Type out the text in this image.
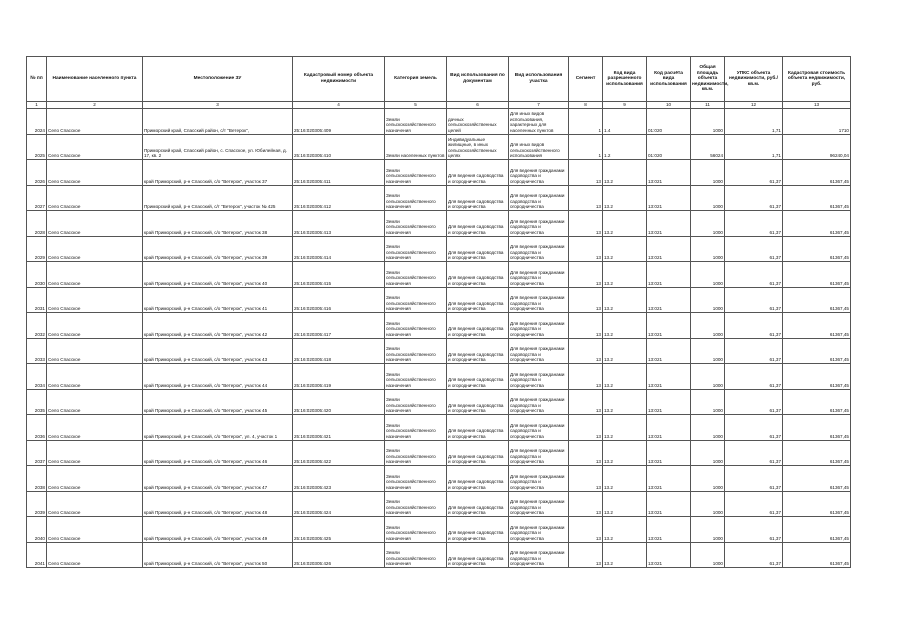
№ пп	Наименование населенного пункта	Местоположение ЗУ	Кадастровый номер объекта недвижимости	Категория земель	Вид использования по документам	Вид использования участка	Сегмент	Код вида разрешенного использования	Код расчёта вида использования	Общая площадь объекта недвижимости, кв.м.	УПКС объекта недвижимости, руб./кв.м.	Кадастровая стоимость объекта недвижимости, руб.
1	2	3	4	5	6	7	8	9	10	11	12	13
2024	Село Спасское	Приморский край, Спасский район, с/т "Ветерок",	25:16:020305:409	Земли сельскохозяйственного назначения	дачных сельскохозяйственных целей	Для иных видов использования, характерных для населенных пунктов	1	1.4	01:020	1000	1,71	1710
2025	Село Спасское	Приморский край, Спасский район, с. Спасское, ул. Юбилейная, д. 17, кв. 2	25:16:020305:410	Земли населенных пунктов	Индивидуальные жилищные, в иных сельскохозяйственных целях	Для иных видов сельскохозяйственного использования	1	1.2	01:020	56024	1,71	96240,04
2026	Село Спасское	край Приморский, р-н Спасский, с/о "Ветерок", участок 37	25:16:020305:411	Земли сельскохозяйственного назначения	Для ведения садоводства и огородничества	Для ведения гражданами садоводства и огородничества	13	13.2	13:021	1000	61,37	61367,45
2027	Село Спасское	Приморский край, р-н Спасский, с/т "Ветерок", участок № 425	25:16:020305:412	Земли сельскохозяйственного назначения	Для ведения садоводства и огородничества	Для ведения гражданами садоводства и огородничества	13	13.2	13:021	1000	61,37	61367,45
2028	Село Спасское	край Приморский, р-н Спасский, с/о "Ветерок", участок 38	25:16:020305:413	Земли сельскохозяйственного назначения	Для ведения садоводства и огородничества	Для ведения гражданами садоводства и огородничества	13	13.2	13:021	1000	61,37	61367,45
2029	Село Спасское	край Приморский, р-н Спасский, с/о "Ветерок", участок 39	25:16:020305:414	Земли сельскохозяйственного назначения	Для ведения садоводства и огородничества	Для ведения гражданами садоводства и огородничества	13	13.2	13:021	1000	61,37	61367,45
2030	Село Спасское	край Приморский, р-н Спасский, с/о "Ветерок", участок 40	25:16:020305:415	Земли сельскохозяйственного назначения	Для ведения садоводства и огородничества	Для ведения гражданами садоводства и огородничества	13	13.2	13:021	1000	61,37	61367,45
2031	Село Спасское	край Приморский, р-н Спасский, с/о "Ветерок", участок 41	25:16:020305:416	Земли сельскохозяйственного назначения	Для ведения садоводства и огородничества	Для ведения гражданами садоводства и огородничества	13	13.2	13:021	1000	61,37	61367,45
2032	Село Спасское	край Приморский, р-н Спасский, с/о "Ветерок", участок 42	25:16:020305:417	Земли сельскохозяйственного назначения	Для ведения садоводства и огородничества	Для ведения гражданами садоводства и огородничества	13	13.2	13:021	1000	61,37	61367,45
2033	Село Спасское	край Приморский, р-н Спасский, с/о "Ветерок", участок 43	25:16:020305:418	Земли сельскохозяйственного назначения	Для ведения садоводства и огородничества	Для ведения гражданами садоводства и огородничества	13	13.2	13:021	1000	61,37	61367,45
2034	Село Спасское	край Приморский, р-н Спасский, с/о "Ветерок", участок 44	25:16:020305:419	Земли сельскохозяйственного назначения	Для ведения садоводства и огородничества	Для ведения гражданами садоводства и огородничества	13	13.2	13:021	1000	61,37	61367,45
2035	Село Спасское	край Приморский, р-н Спасский, с/о "Ветерок", участок 45	25:16:020305:420	Земли сельскохозяйственного назначения	Для ведения садоводства и огородничества	Для ведения гражданами садоводства и огородничества	13	13.2	13:021	1000	61,37	61367,45
2036	Село Спасское	край Приморский, р-н Спасский, с/о "Ветерок", ул. 4, участок 1	25:16:020305:421	Земли сельскохозяйственного назначения	Для ведения садоводства и огородничества	Для ведения гражданами садоводства и огородничества	13	13.2	13:021	1000	61,37	61367,45
2037	Село Спасское	край Приморский, р-н Спасский, с/о "Ветерок", участок 46	25:16:020305:422	Земли сельскохозяйственного назначения	Для ведения садоводства и огородничества	Для ведения гражданами садоводства и огородничества	13	13.2	13:021	1000	61,37	61367,45
2038	Село Спасское	край Приморский, р-н Спасский, с/о "Ветерок", участок 47	25:16:020305:423	Земли сельскохозяйственного назначения	Для ведения садоводства и огородничества	Для ведения гражданами садоводства и огородничества	13	13.2	13:021	1000	61,37	61367,45
2039	Село Спасское	край Приморский, р-н Спасский, с/о "Ветерок", участок 48	25:16:020305:424	Земли сельскохозяйственного назначения	Для ведения садоводства и огородничества	Для ведения гражданами садоводства и огородничества	13	13.2	13:021	1000	61,37	61367,45
2040	Село Спасское	край Приморский, р-н Спасский, с/о "Ветерок", участок 49	25:16:020305:425	Земли сельскохозяйственного назначения	Для ведения садоводства и огородничества	Для ведения гражданами садоводства и огородничества	13	13.2	13:021	1000	61,37	61367,45
2041	Село Спасское	край Приморский, р-н Спасский, с/о "Ветерок", участок 50	25:16:020305:426	Земли сельскохозяйственного назначения	Для ведения садоводства и огородничества	Для ведения гражданами садоводства и огородничества	13	13.2	13:021	1000	61,37	61367,45
